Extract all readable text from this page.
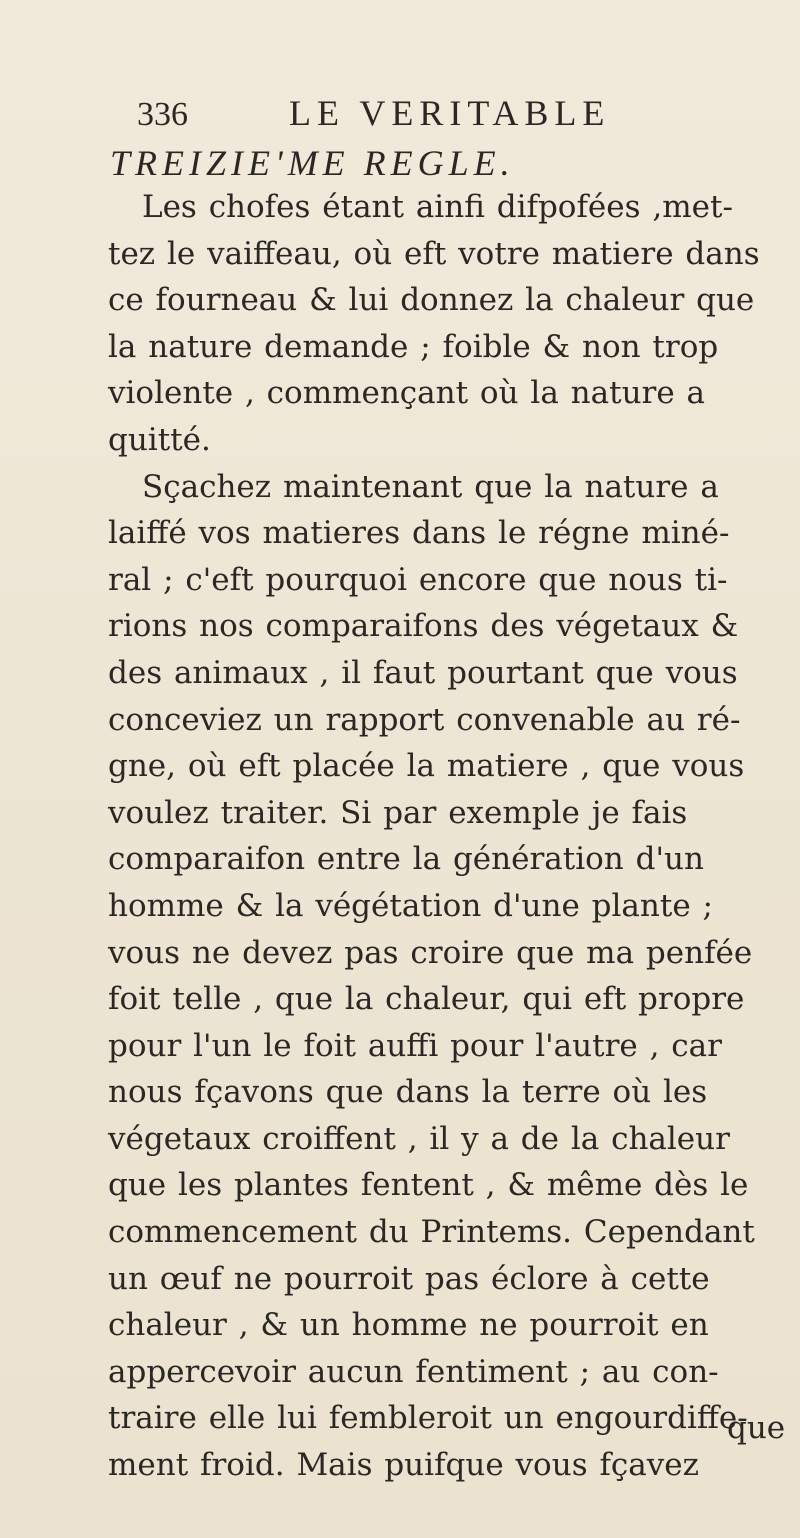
336	LE VERITABLE
TREIZIE'ME REGLE.
Les chofes étant ainfi difpofées ,met-
tez le vaiffeau, où eft votre matiere dans
ce fourneau & lui donnez la chaleur que
la nature demande ; foible & non trop
violente , commençant où la nature a
quitté.
Sçachez maintenant que la nature a
laiffé vos matieres dans le régne miné-
ral ; c'eft pourquoi encore que nous ti-
rions nos comparaifons des végetaux &
des animaux , il faut pourtant que vous
conceviez un rapport convenable au ré-
gne, où eft placée la matiere , que vous
voulez traiter. Si par exemple je fais
comparaifon entre la génération d'un
homme & la végétation d'une plante ;
vous ne devez pas croire que ma penfée
foit telle , que la chaleur, qui eft propre
pour l'un le foit auffi pour l'autre , car
nous fçavons que dans la terre où les
végetaux croiffent , il y a de la chaleur
que les plantes fentent , & même dès le
commencement du Printems. Cependant
un œuf ne pourroit pas éclore à cette
chaleur , & un homme ne pourroit en
appercevoir aucun fentiment ; au con-
traire elle lui fembleroit un engourdiffe-
ment froid. Mais puifque vous fçavez
que
